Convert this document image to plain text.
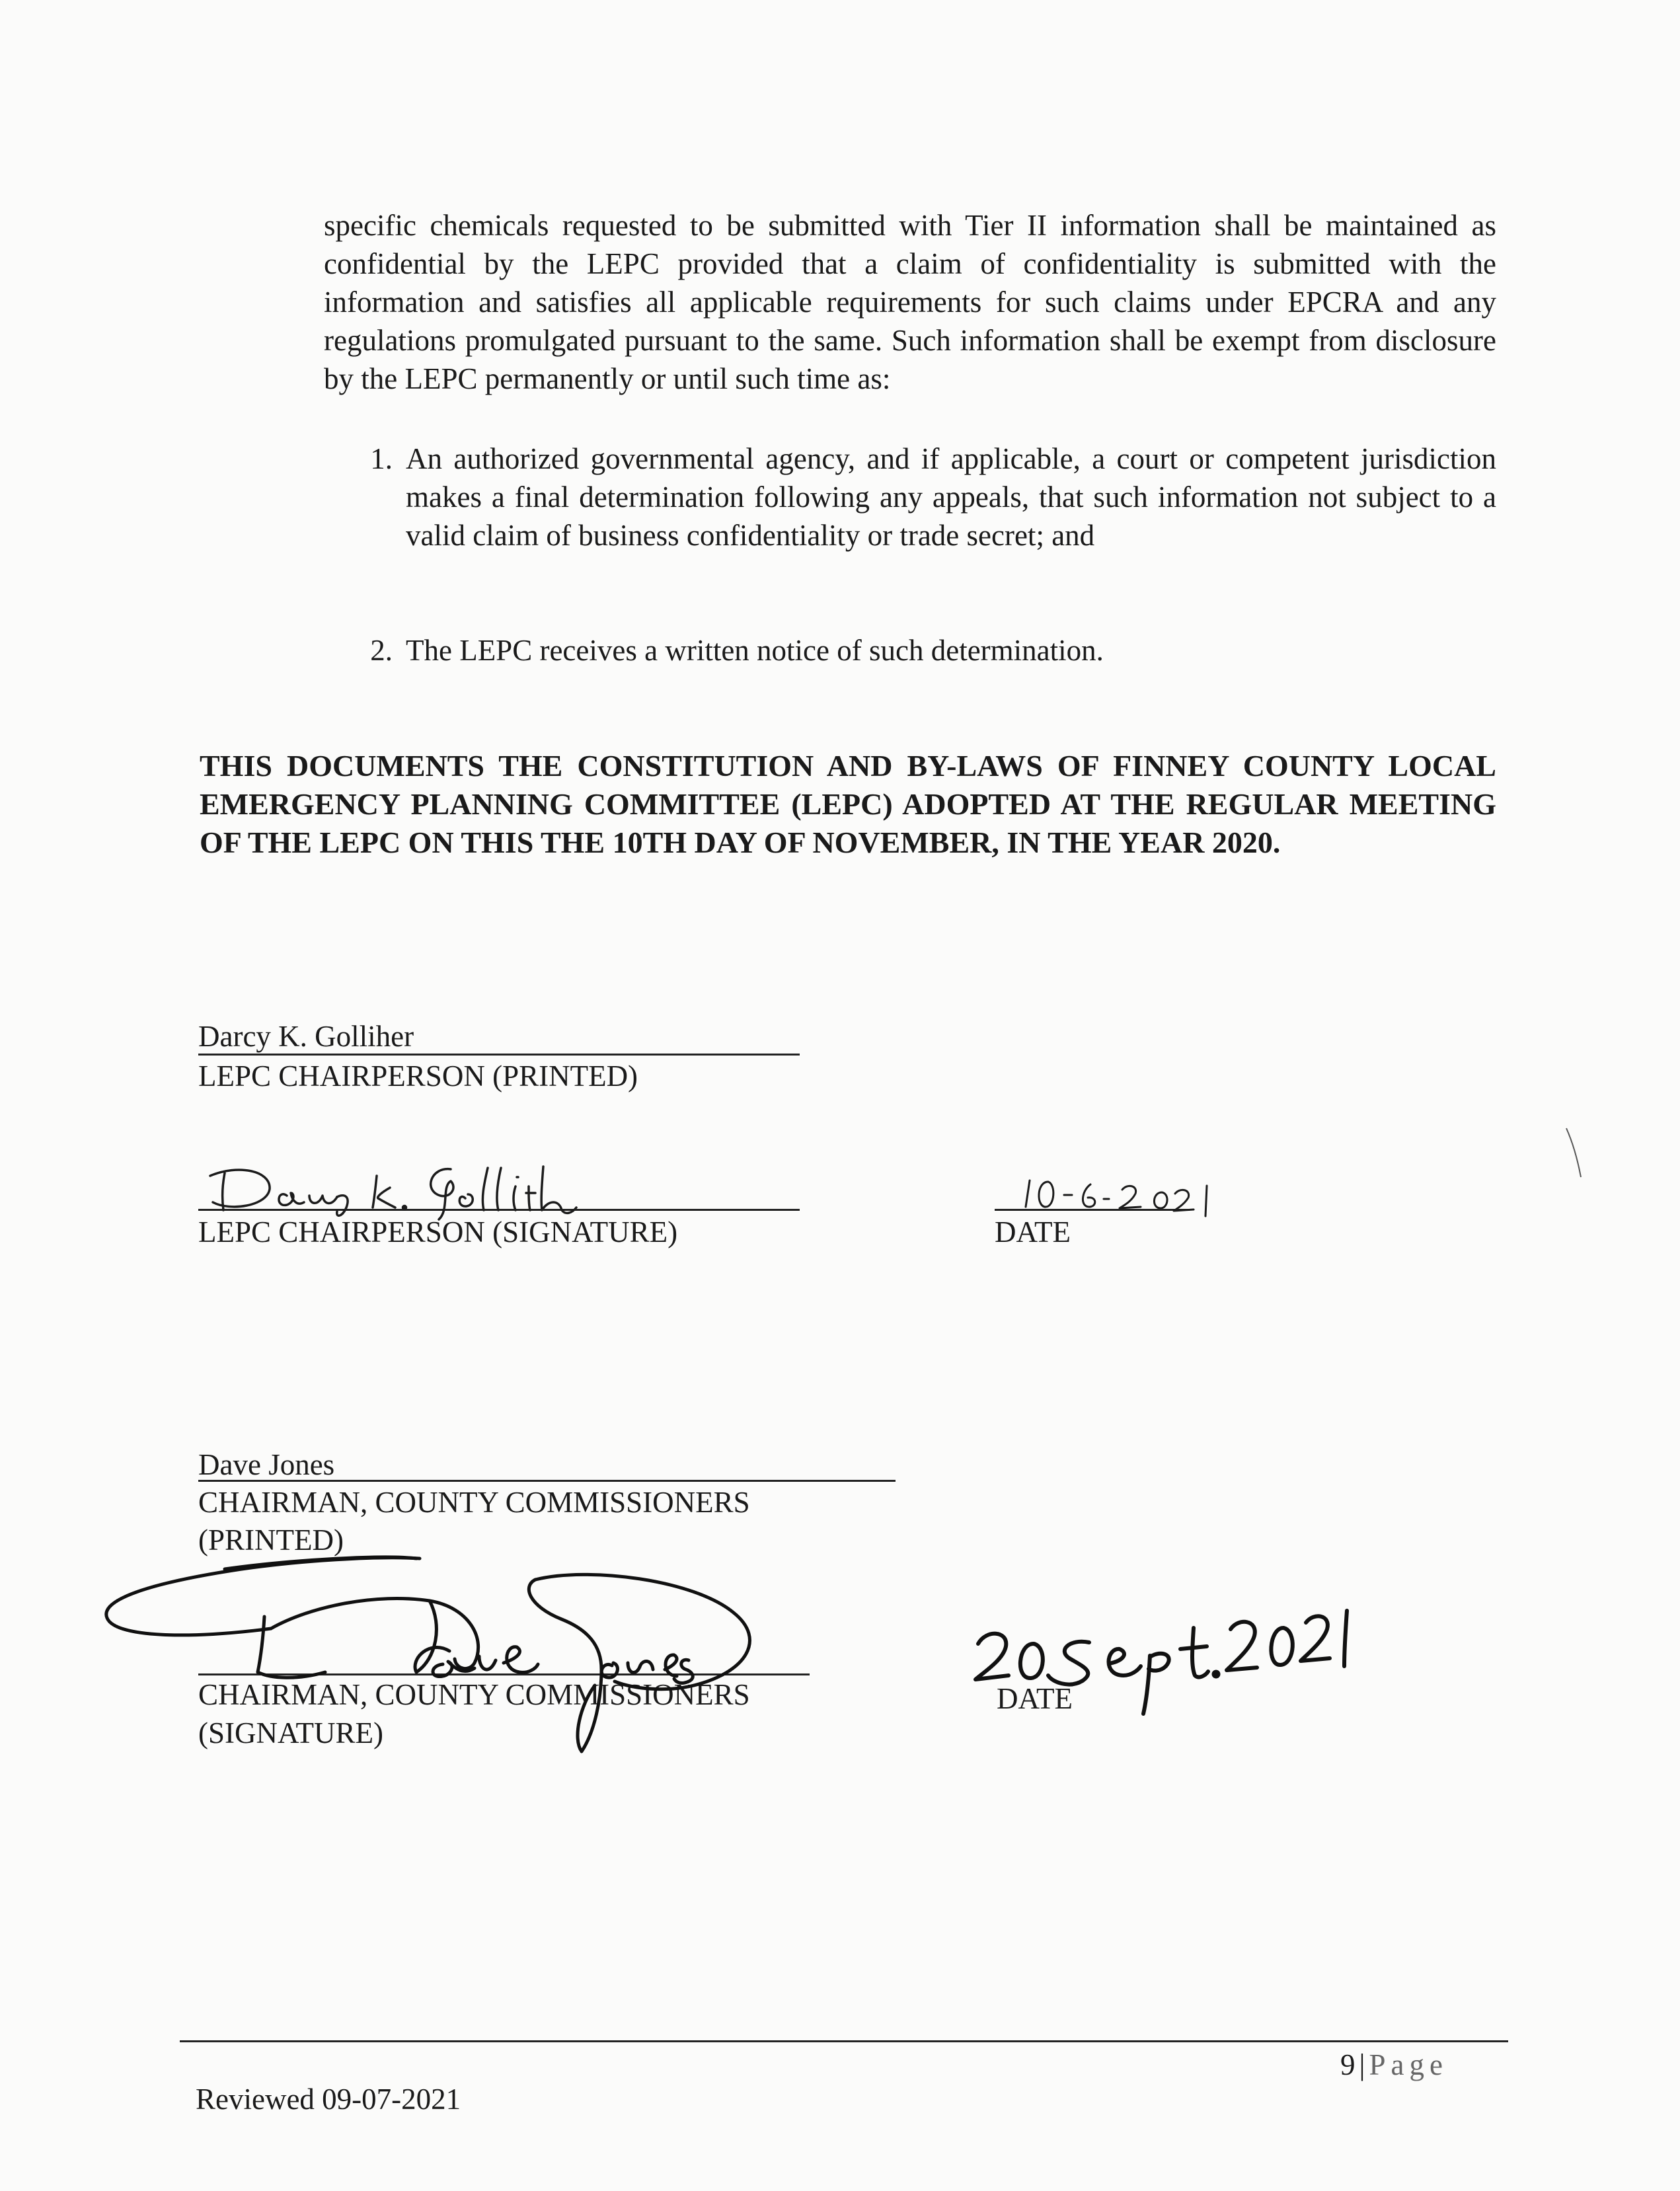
specific chemicals requested to be submitted with Tier II information shall be maintained as confidential by the LEPC provided that a claim of confidentiality is submitted with the information and satisfies all applicable requirements for such claims under EPCRA and any regulations promulgated pursuant to the same. Such information shall be exempt from disclosure by the LEPC permanently or until such time as:

1. An authorized governmental agency, and if applicable, a court or competent jurisdiction makes a final determination following any appeals, that such information not subject to a valid claim of business confidentiality or trade secret; and
2. The LEPC receives a written notice of such determination.

THIS DOCUMENTS THE CONSTITUTION AND BY-LAWS OF FINNEY COUNTY LOCAL EMERGENCY PLANNING COMMITTEE (LEPC) ADOPTED AT THE REGULAR MEETING OF THE LEPC ON THIS THE 10TH DAY OF NOVEMBER, IN THE YEAR 2020.

Darcy K. Golliher
LEPC CHAIRPERSON (PRINTED)
LEPC CHAIRPERSON (SIGNATURE)	DATE
Dave Jones
CHAIRMAN, COUNTY COMMISSIONERS
(PRINTED)
CHAIRMAN, COUNTY COMMISSIONERS
(SIGNATURE)
DATE
9 | Page
Reviewed 09-07-2021
